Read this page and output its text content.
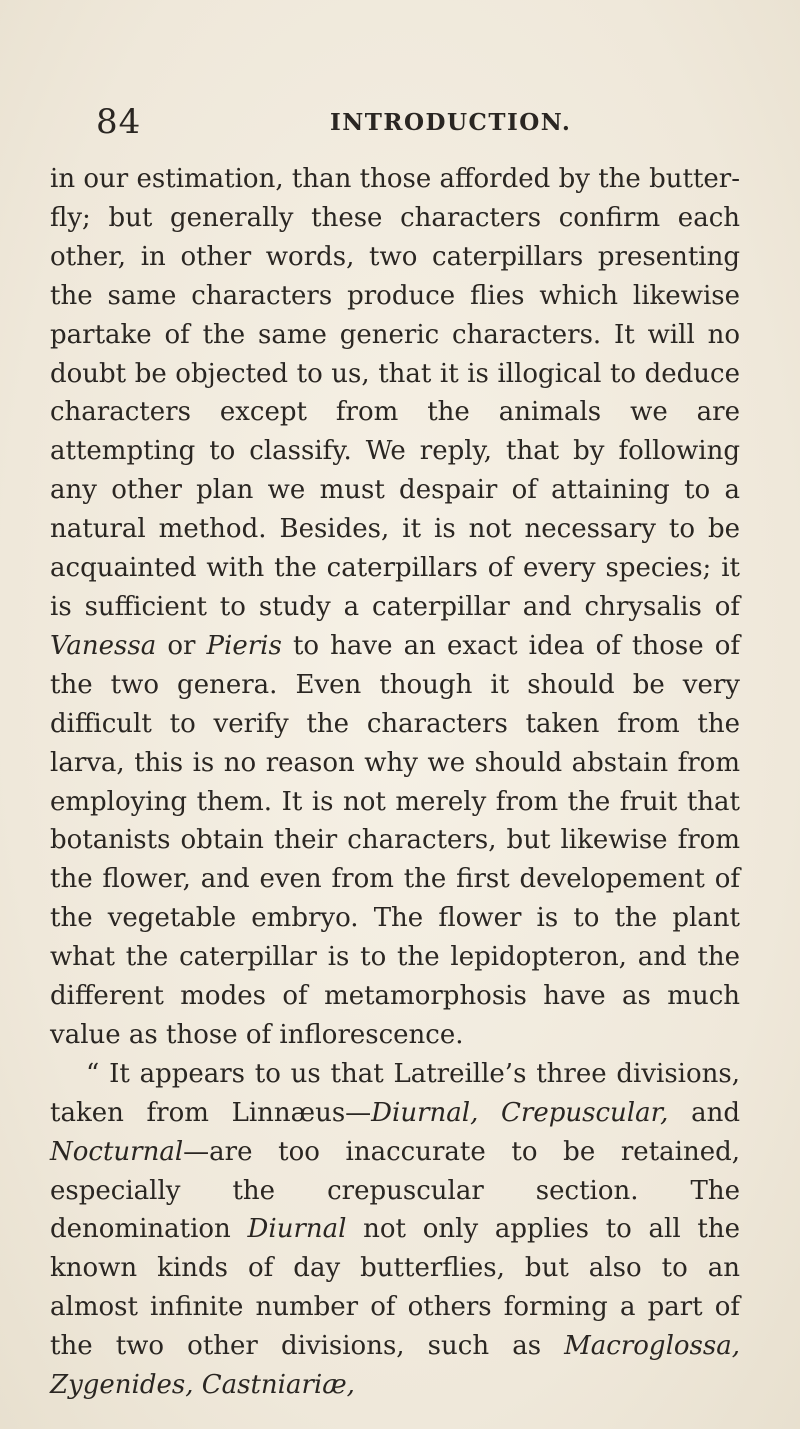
84	INTRODUCTION.

in our estimation, than those afforded by the butter-fly; but generally these characters confirm each other, in other words, two caterpillars presenting the same characters produce flies which likewise partake of the same generic characters. It will no doubt be objected to us, that it is illogical to deduce characters except from the animals we are attempting to classify. We reply, that by following any other plan we must despair of attaining to a natural method. Besides, it is not necessary to be acquainted with the caterpillars of every species; it is sufficient to study a caterpillar and chrysalis of Vanessa or Pieris to have an exact idea of those of the two genera. Even though it should be very difficult to verify the characters taken from the larva, this is no reason why we should abstain from employing them. It is not merely from the fruit that botanists obtain their characters, but likewise from the flower, and even from the first developement of the vegetable embryo. The flower is to the plant what the caterpillar is to the lepidopteron, and the different modes of metamorphosis have as much value as those of inflorescence.

“ It appears to us that Latreille’s three divisions, taken from Linnæus—Diurnal, Crepuscular, and Nocturnal—are too inaccurate to be retained, especially the crepuscular section. The denomination Diurnal not only applies to all the known kinds of day butterflies, but also to an almost infinite number of others forming a part of the two other divisions, such as Macroglossa, Zygenides, Castniariæ,
